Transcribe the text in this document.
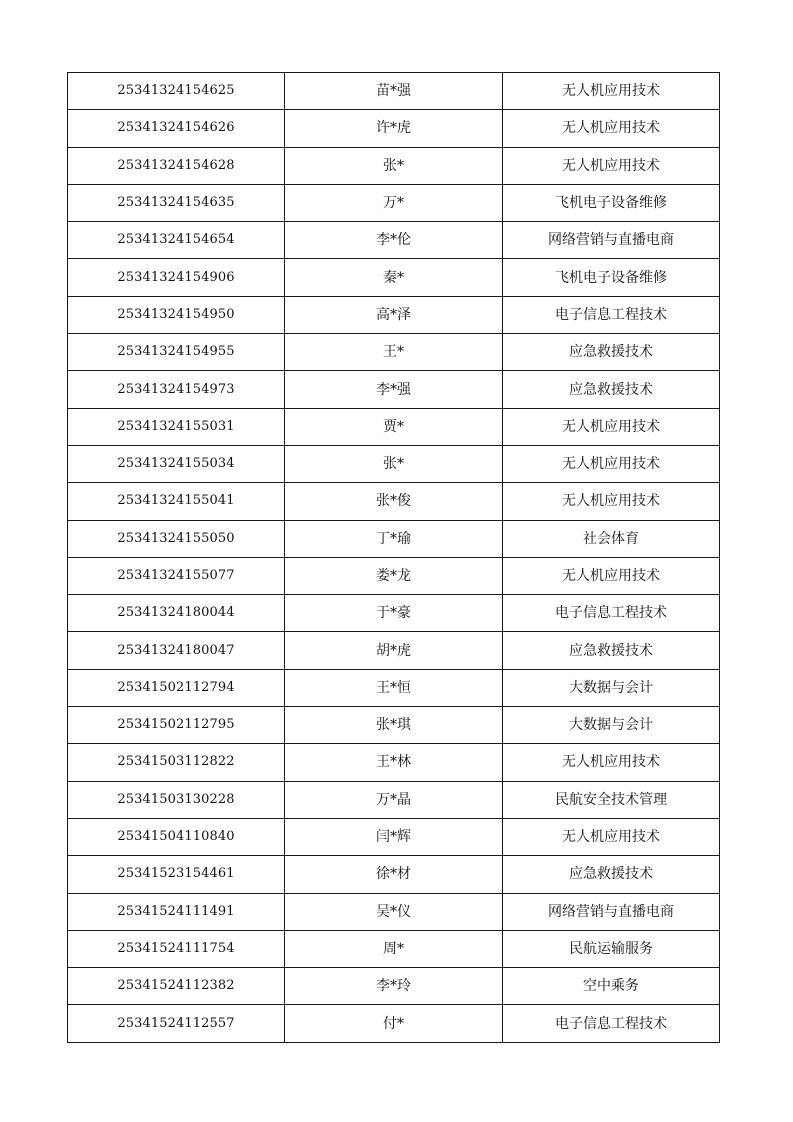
25341324154625	苗*强	无人机应用技术
25341324154626	许*虎	无人机应用技术
25341324154628	张*	无人机应用技术
25341324154635	万*	飞机电子设备维修
25341324154654	李*伦	网络营销与直播电商
25341324154906	秦*	飞机电子设备维修
25341324154950	高*泽	电子信息工程技术
25341324154955	王*	应急救援技术
25341324154973	李*强	应急救援技术
25341324155031	贾*	无人机应用技术
25341324155034	张*	无人机应用技术
25341324155041	张*俊	无人机应用技术
25341324155050	丁*瑜	社会体育
25341324155077	娄*龙	无人机应用技术
25341324180044	于*豪	电子信息工程技术
25341324180047	胡*虎	应急救援技术
25341502112794	王*恒	大数据与会计
25341502112795	张*琪	大数据与会计
25341503112822	王*林	无人机应用技术
25341503130228	万*晶	民航安全技术管理
25341504110840	闫*辉	无人机应用技术
25341523154461	徐*材	应急救援技术
25341524111491	吴*仪	网络营销与直播电商
25341524111754	周*	民航运输服务
25341524112382	李*玲	空中乘务
25341524112557	付*	电子信息工程技术
